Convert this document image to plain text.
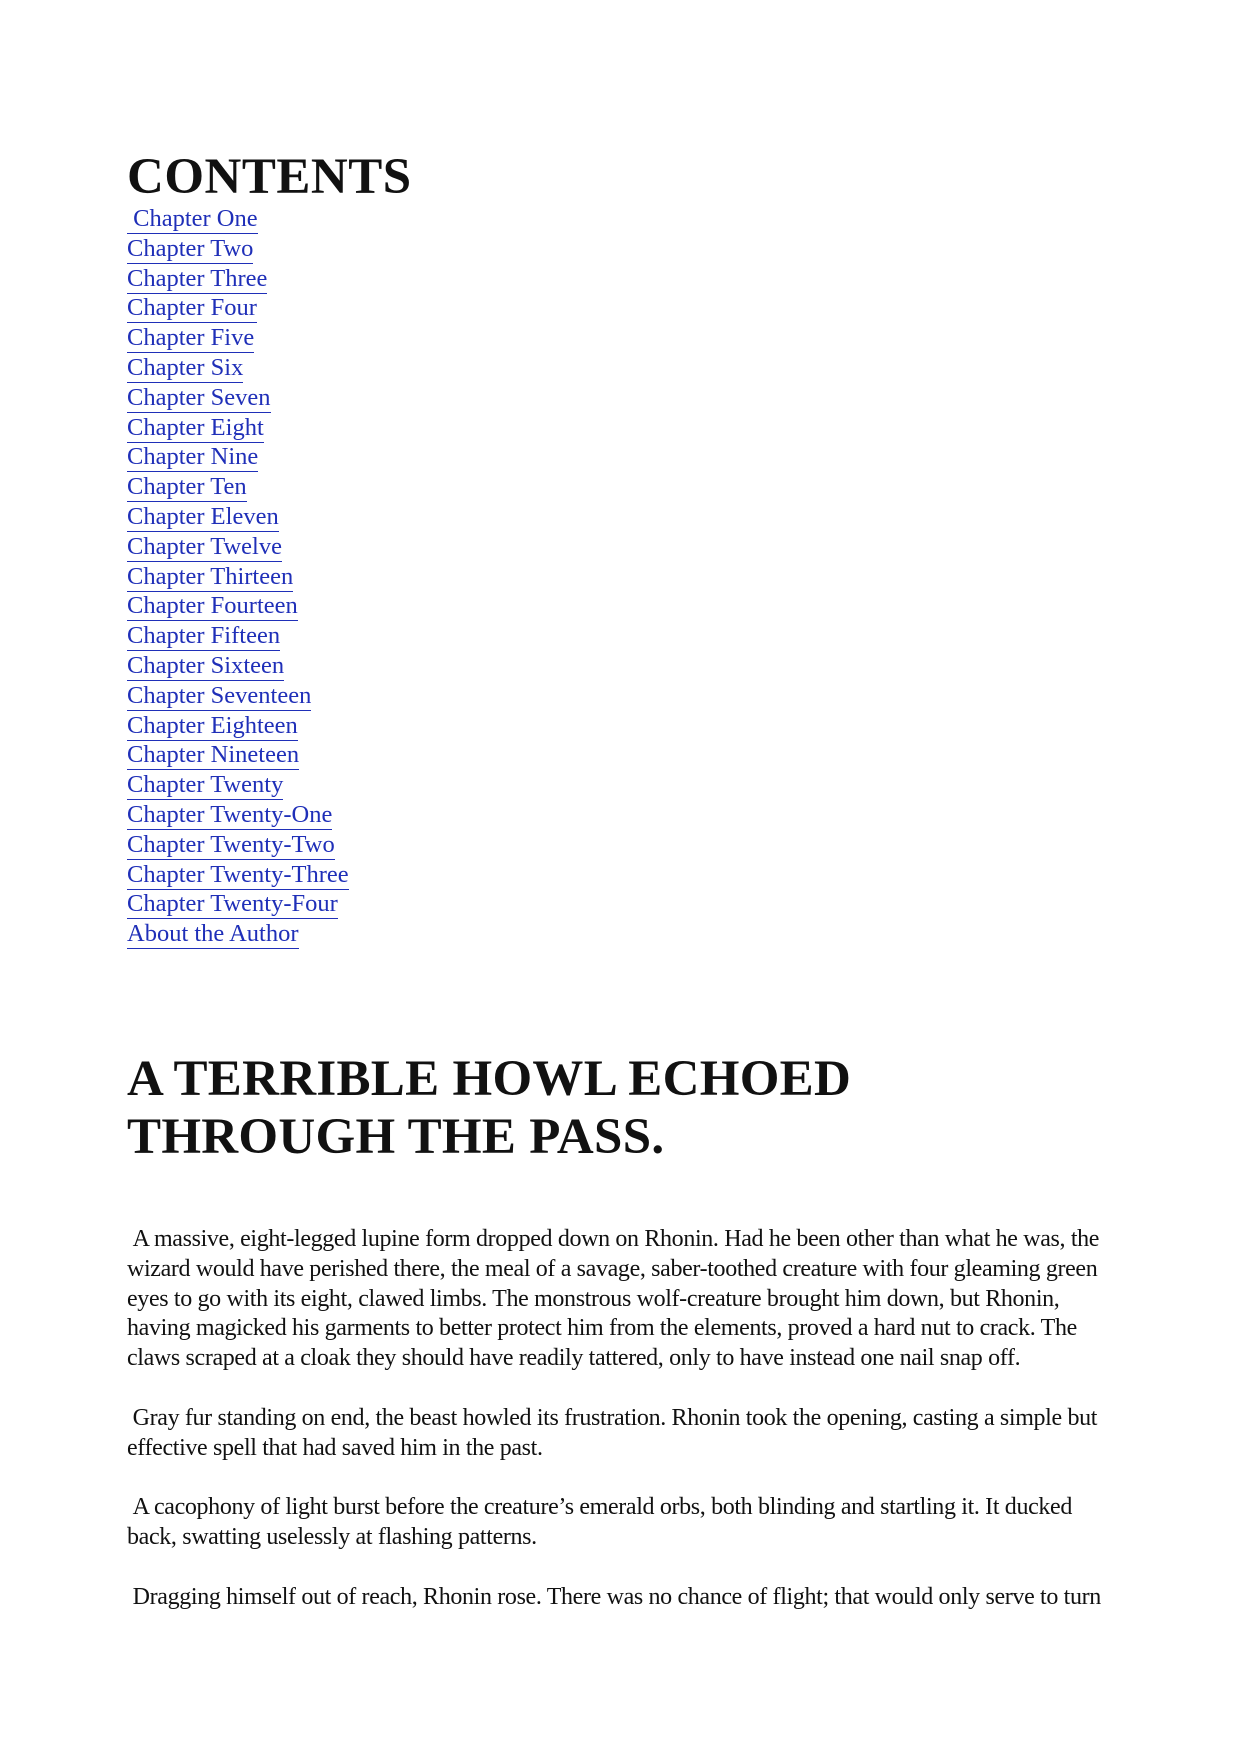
CONTENTS
Chapter One
Chapter Two
Chapter Three
Chapter Four
Chapter Five
Chapter Six
Chapter Seven
Chapter Eight
Chapter Nine
Chapter Ten
Chapter Eleven
Chapter Twelve
Chapter Thirteen
Chapter Fourteen
Chapter Fifteen
Chapter Sixteen
Chapter Seventeen
Chapter Eighteen
Chapter Nineteen
Chapter Twenty
Chapter Twenty-One
Chapter Twenty-Two
Chapter Twenty-Three
Chapter Twenty-Four
About the Author
A TERRIBLE HOWL ECHOED THROUGH THE PASS.

A massive, eight-legged lupine form dropped down on Rhonin. Had he been other than what he was, the wizard would have perished there, the meal of a savage, saber-toothed creature with four gleaming green eyes to go with its eight, clawed limbs. The monstrous wolf-creature brought him down, but Rhonin, having magicked his garments to better protect him from the elements, proved a hard nut to crack. The claws scraped at a cloak they should have readily tattered, only to have instead one nail snap off.

Gray fur standing on end, the beast howled its frustration. Rhonin took the opening, casting a simple but effective spell that had saved him in the past.

A cacophony of light burst before the creature’s emerald orbs, both blinding and startling it. It ducked back, swatting uselessly at flashing patterns.

Dragging himself out of reach, Rhonin rose. There was no chance of flight; that would only serve to turn
